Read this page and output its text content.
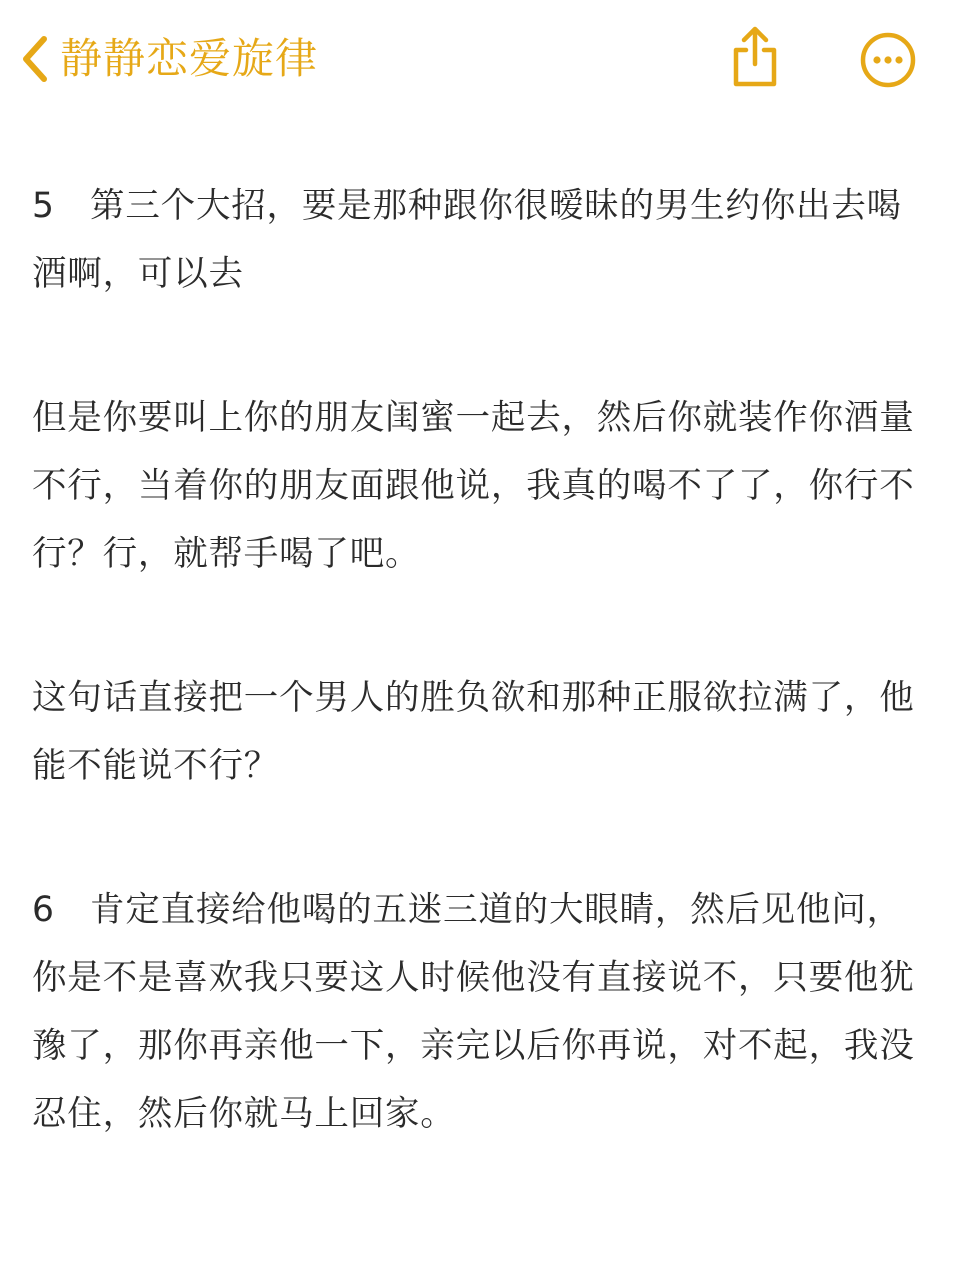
静静恋爱旋律

5　第三个大招，要是那种跟你很暧昧的男生约你出去喝酒啊，可以去

但是你要叫上你的朋友闺蜜一起去，然后你就装作你酒量不行，当着你的朋友面跟他说，我真的喝不了了，你行不行？行，就帮手喝了吧。

这句话直接把一个男人的胜负欲和那种正服欲拉满了，他能不能说不行？

6　肯定直接给他喝的五迷三道的大眼睛，然后见他问，你是不是喜欢我只要这人时候他没有直接说不，只要他犹豫了，那你再亲他一下，亲完以后你再说，对不起，我没忍住，然后你就马上回家。
